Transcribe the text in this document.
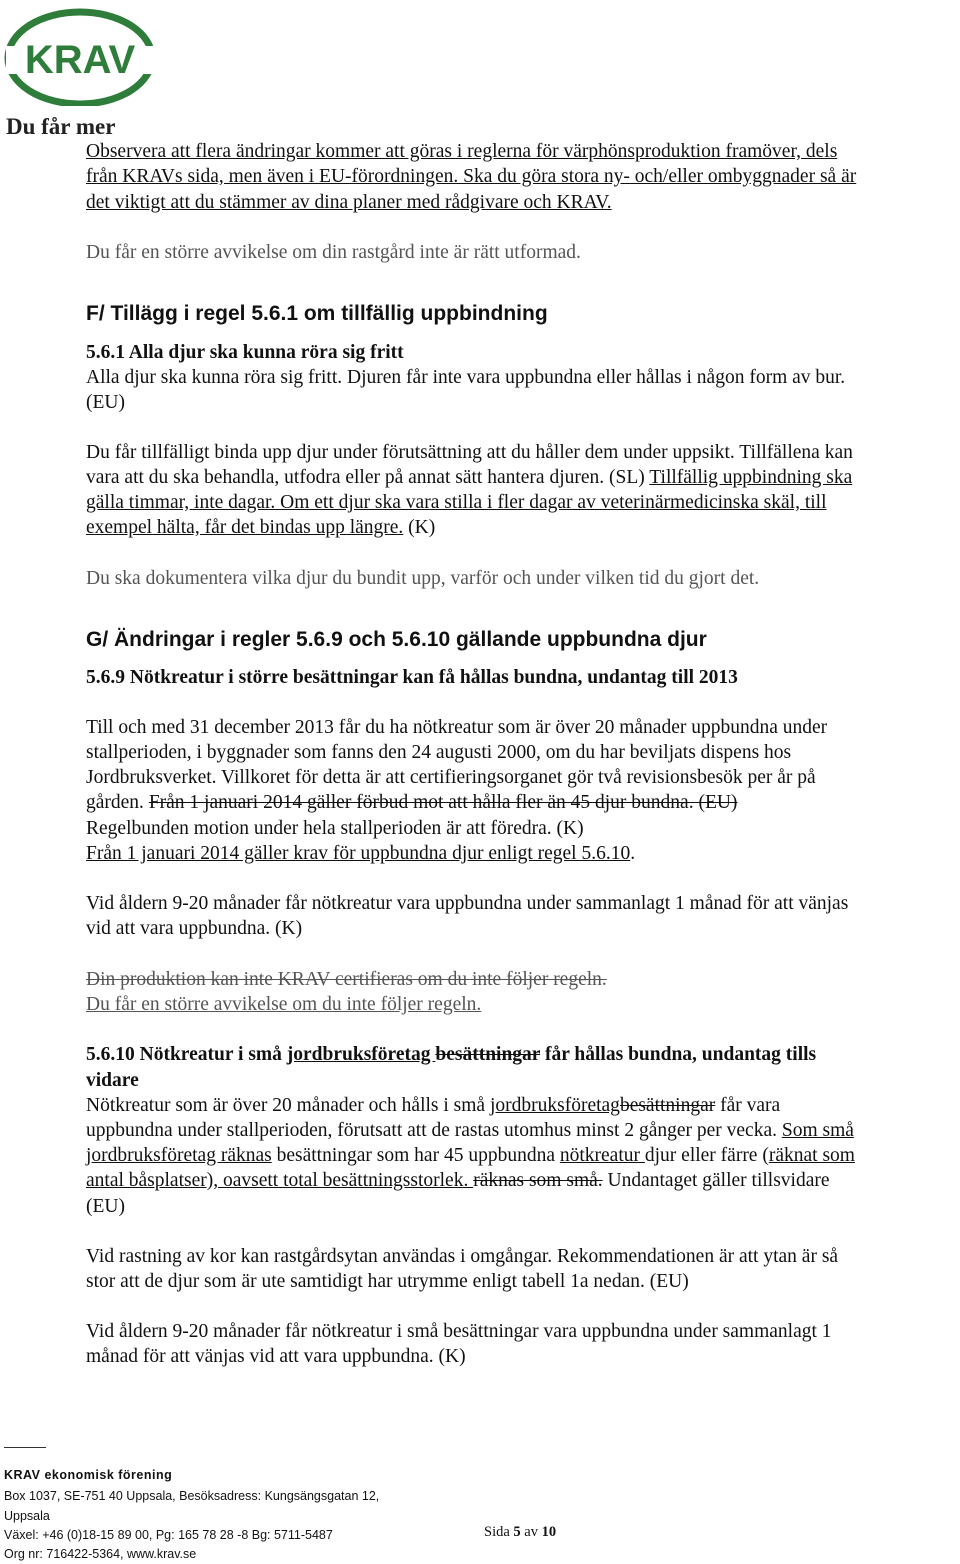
KRAV
Du får mer
Observera att flera ändringar kommer att göras i reglerna för värphönsproduktion framöver, dels
från KRAVs sida, men även i EU-förordningen. Ska du göra stora ny- och/eller ombyggnader så är
det viktigt att du stämmer av dina planer med rådgivare och KRAV.
Du får en större avvikelse om din rastgård inte är rätt utformad.
F/ Tillägg i regel 5.6.1 om tillfällig uppbindning
5.6.1 Alla djur ska kunna röra sig fritt
Alla djur ska kunna röra sig fritt. Djuren får inte vara uppbundna eller hållas i någon form av bur.
(EU)
Du får tillfälligt binda upp djur under förutsättning att du håller dem under uppsikt. Tillfällena kan
vara att du ska behandla, utfodra eller på annat sätt hantera djuren. (SL) Tillfällig uppbindning ska
gälla timmar, inte dagar. Om ett djur ska vara stilla i fler dagar av veterinärmedicinska skäl, till
exempel hälta, får det bindas upp längre. (K)
Du ska dokumentera vilka djur du bundit upp, varför och under vilken tid du gjort det.
G/ Ändringar i regler 5.6.9 och 5.6.10 gällande uppbundna djur
5.6.9 Nötkreatur i större besättningar kan få hållas bundna, undantag till 2013
Till och med 31 december 2013 får du ha nötkreatur som är över 20 månader uppbundna under
stallperioden, i byggnader som fanns den 24 augusti 2000, om du har beviljats dispens hos
Jordbruksverket. Villkoret för detta är att certifieringsorganet gör två revisionsbesök per år på
gården. Från 1 januari 2014 gäller förbud mot att hålla fler än 45 djur bundna. (EU)
Regelbunden motion under hela stallperioden är att föredra. (K)
Från 1 januari 2014 gäller krav för uppbundna djur enligt regel 5.6.10.
Vid åldern 9-20 månader får nötkreatur vara uppbundna under sammanlagt 1 månad för att vänjas
vid att vara uppbundna. (K)
Din produktion kan inte KRAV certifieras om du inte följer regeln.
Du får en större avvikelse om du inte följer regeln.
5.6.10 Nötkreatur i små jordbruksföretag besättningar får hållas bundna, undantag tills
vidare
Nötkreatur som är över 20 månader och hålls i små jordbruksföretagbesättningar får vara
uppbundna under stallperioden, förutsatt att de rastas utomhus minst 2 gånger per vecka. Som små
jordbruksföretag räknas besättningar som har 45 uppbundna nötkreatur djur eller färre (räknat som
antal båsplatser), oavsett total besättningsstorlek. räknas som små. Undantaget gäller tillsvidare
(EU)
Vid rastning av kor kan rastgårdsytan användas i omgångar. Rekommendationen är att ytan är så
stor att de djur som är ute samtidigt har utrymme enligt tabell 1a nedan. (EU)
Vid åldern 9-20 månader får nötkreatur i små besättningar vara uppbundna under sammanlagt 1
månad för att vänjas vid att vara uppbundna. (K)
KRAV ekonomisk förening
Box 1037, SE-751 40 Uppsala, Besöksadress: Kungsängsgatan 12,
Uppsala
Växel: +46 (0)18-15 89 00, Pg: 165 78 28 -8 Bg: 5711-5487
Org nr: 716422-5364, www.krav.se
Sida 5 av 10
